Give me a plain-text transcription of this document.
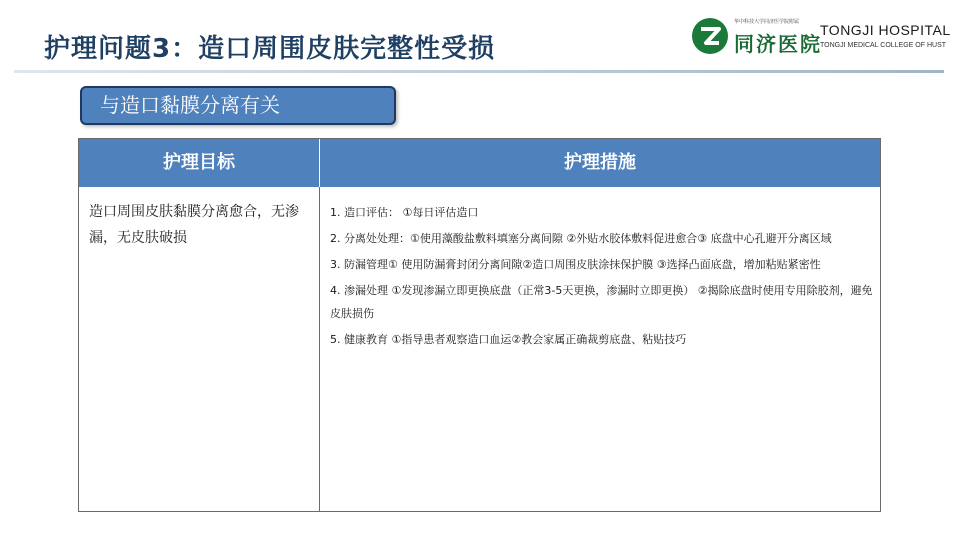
护理问题3：造口周围皮肤完整性受损
华中科技大学同济医学院附属
同济医院
TONGJI HOSPITAL
TONGJI MEDICAL COLLEGE OF HUST
与造口黏膜分离有关
护理目标	护理措施
造口周围皮肤黏膜分离愈合，无渗漏，无皮肤破损
1. 造口评估： ①每日评估造口
2. 分离处处理：①使用藻酸盐敷料填塞分离间隙 ②外贴水胶体敷料促进愈合③ 底盘中心孔避开分离区域
3. 防漏管理① 使用防漏膏封闭分离间隙②造口周围皮肤涂抹保护膜 ③选择凸面底盘，增加粘贴紧密性
4. 渗漏处理 ①发现渗漏立即更换底盘（正常3-5天更换，渗漏时立即更换） ②揭除底盘时使用专用除胶剂，避免皮肤损伤
5. 健康教育 ①指导患者观察造口血运②教会家属正确裁剪底盘、粘贴技巧
